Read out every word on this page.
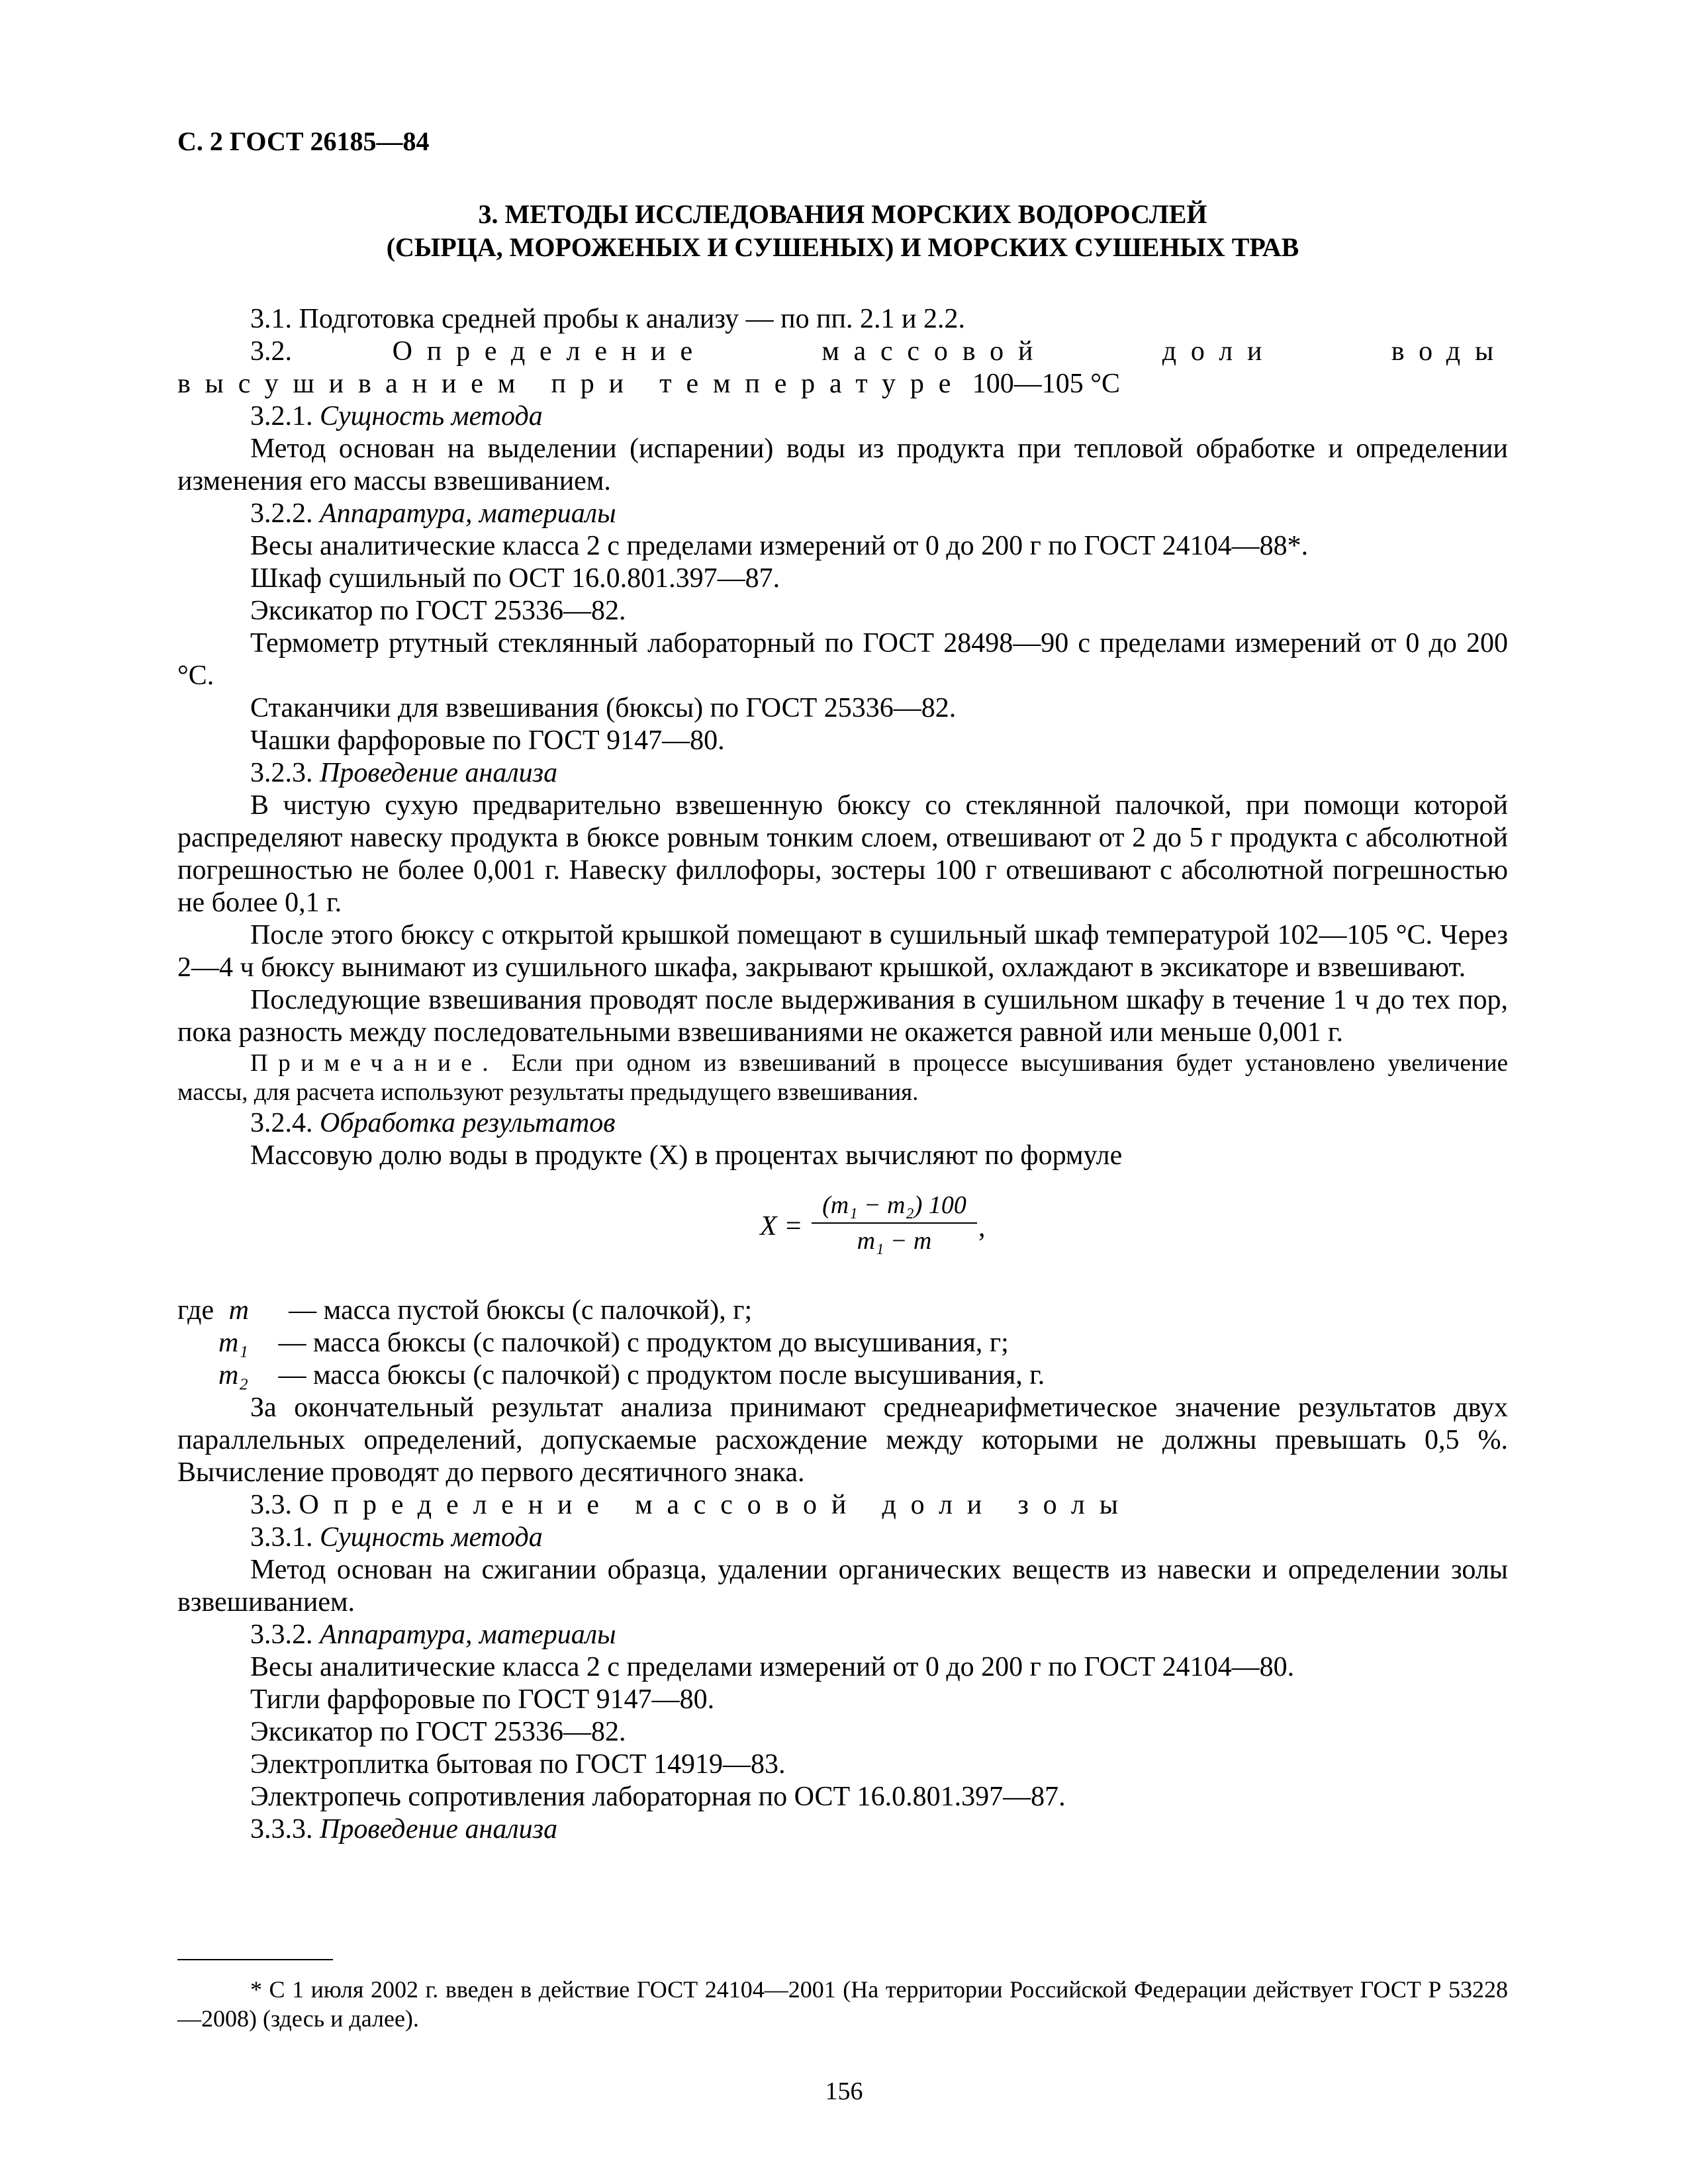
С. 2 ГОСТ 26185—84
3. МЕТОДЫ ИССЛЕДОВАНИЯ МОРСКИХ ВОДОРОСЛЕЙ
(СЫРЦА, МОРОЖЕНЫХ И СУШЕНЫХ) И МОРСКИХ СУШЕНЫХ ТРАВ

3.1. Подготовка средней пробы к анализу — по пп. 2.1 и 2.2.

3.2.	Определение массовой доли воды высушиванием при температуре 100—105 °С

3.2.1. Сущность метода

Метод основан на выделении (испарении) воды из продукта при тепловой обработке и определении изменения его массы взвешиванием.

3.2.2. Аппаратура, материалы

Весы аналитические класса 2 с пределами измерений от 0 до 200 г по ГОСТ 24104—88*.

Шкаф сушильный по ОСТ 16.0.801.397—87.

Эксикатор по ГОСТ 25336—82.

Термометр ртутный стеклянный лабораторный по ГОСТ 28498—90 с пределами измерений от 0 до 200 °С.

Стаканчики для взвешивания (бюксы) по ГОСТ 25336—82.

Чашки фарфоровые по ГОСТ 9147—80.

3.2.3. Проведение анализа

В чистую сухую предварительно взвешенную бюксу со стеклянной палочкой, при помощи которой распределяют навеску продукта в бюксе ровным тонким слоем, отвешивают от 2 до 5 г продукта с абсолютной погрешностью не более 0,001 г. Навеску филлофоры, зостеры 100 г отвешивают с абсолютной погрешностью не более 0,1 г.

После этого бюксу с открытой крышкой помещают в сушильный шкаф температурой 102—105 °С. Через 2—4 ч бюксу вынимают из сушильного шкафа, закрывают крышкой, охлаждают в эксикаторе и взвешивают.

Последующие взвешивания проводят после выдерживания в сушильном шкафу в течение 1 ч до тех пор, пока разность между последовательными взвешиваниями не окажется равной или меньше 0,001 г.

Примечание. Если при одном из взвешиваний в процессе высушивания будет установлено увеличение массы, для расчета используют результаты предыдущего взвешивания.

3.2.4. Обработка результатов

Массовую долю воды в продукте (X) в процентах вычисляют по формуле

$X = \frac{\text{(m₁ − m₂) 100}}{\text{m₁ − m}}$ ,
где m — масса пустой бюксы (с палочкой), г;
m₁ — масса бюксы (с палочкой) с продуктом до высушивания, г;
m₂ — масса бюксы (с палочкой) с продуктом после высушивания, г.

За окончательный результат анализа принимают среднеарифметическое значение результатов двух параллельных определений, допускаемые расхождение между которыми не должны превышать 0,5 %. Вычисление проводят до первого десятичного знака.

3.3. Определение массовой доли золы

3.3.1. Сущность метода

Метод основан на сжигании образца, удалении органических веществ из навески и определении золы взвешиванием.

3.3.2. Аппаратура, материалы

Весы аналитические класса 2 с пределами измерений от 0 до 200 г по ГОСТ 24104—80.

Тигли фарфоровые по ГОСТ 9147—80.

Эксикатор по ГОСТ 25336—82.

Электроплитка бытовая по ГОСТ 14919—83.

Электропечь сопротивления лабораторная по ОСТ 16.0.801.397—87.

3.3.3. Проведение анализа

* С 1 июля 2002 г. введен в действие ГОСТ 24104—2001 (На территории Российской Федерации действует ГОСТ Р 53228—2008) (здесь и далее).
156
